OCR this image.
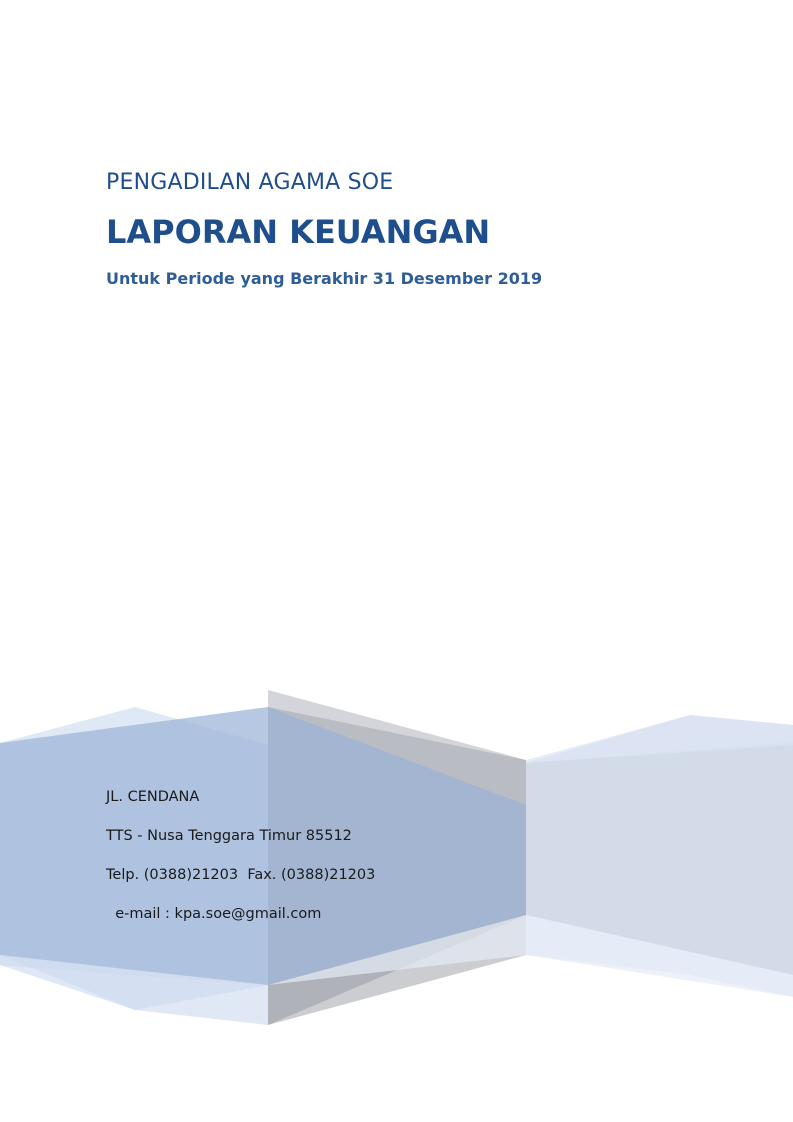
PENGADILAN AGAMA SOE
LAPORAN KEUANGAN

Untuk Periode yang Berakhir 31 Desember 2019

JL. CENDANA

TTS - Nusa Tenggara Timur 85512

Telp. (0388)21203  Fax. (0388)21203

e-mail : kpa.soe@gmail.com
